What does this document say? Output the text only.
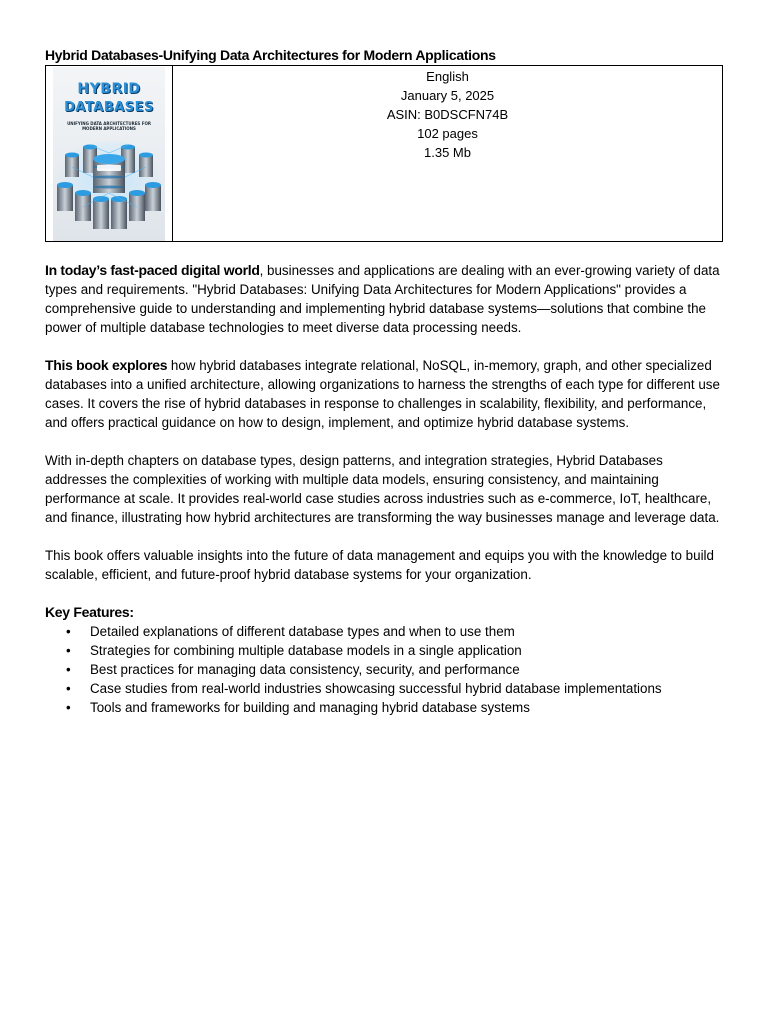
Hybrid Databases-Unifying Data Architectures for Modern Applications
HYBRID
DATABASES
UNIFYING DATA ARCHITECTURES FOR MODERN APPLICATIONS

English
January 5, 2025
ASIN: B0DSCFN74B
102 pages
1.35 Mb

In today’s fast-paced digital world, businesses and applications are dealing with an ever-growing variety of data types and requirements. "Hybrid Databases: Unifying Data Architectures for Modern Applications" provides a comprehensive guide to understanding and implementing hybrid database systems—solutions that combine the power of multiple database technologies to meet diverse data processing needs.

This book explores how hybrid databases integrate relational, NoSQL, in-memory, graph, and other specialized databases into a unified architecture, allowing organizations to harness the strengths of each type for different use cases. It covers the rise of hybrid databases in response to challenges in scalability, flexibility, and performance, and offers practical guidance on how to design, implement, and optimize hybrid database systems.

With in-depth chapters on database types, design patterns, and integration strategies, Hybrid Databases addresses the complexities of working with multiple data models, ensuring consistency, and maintaining performance at scale. It provides real-world case studies across industries such as e-commerce, IoT, healthcare, and finance, illustrating how hybrid architectures are transforming the way businesses manage and leverage data.

This book offers valuable insights into the future of data management and equips you with the knowledge to build scalable, efficient, and future-proof hybrid database systems for your organization.

Key Features:
• Detailed explanations of different database types and when to use them
• Strategies for combining multiple database models in a single application
• Best practices for managing data consistency, security, and performance
• Case studies from real-world industries showcasing successful hybrid database implementations
• Tools and frameworks for building and managing hybrid database systems
